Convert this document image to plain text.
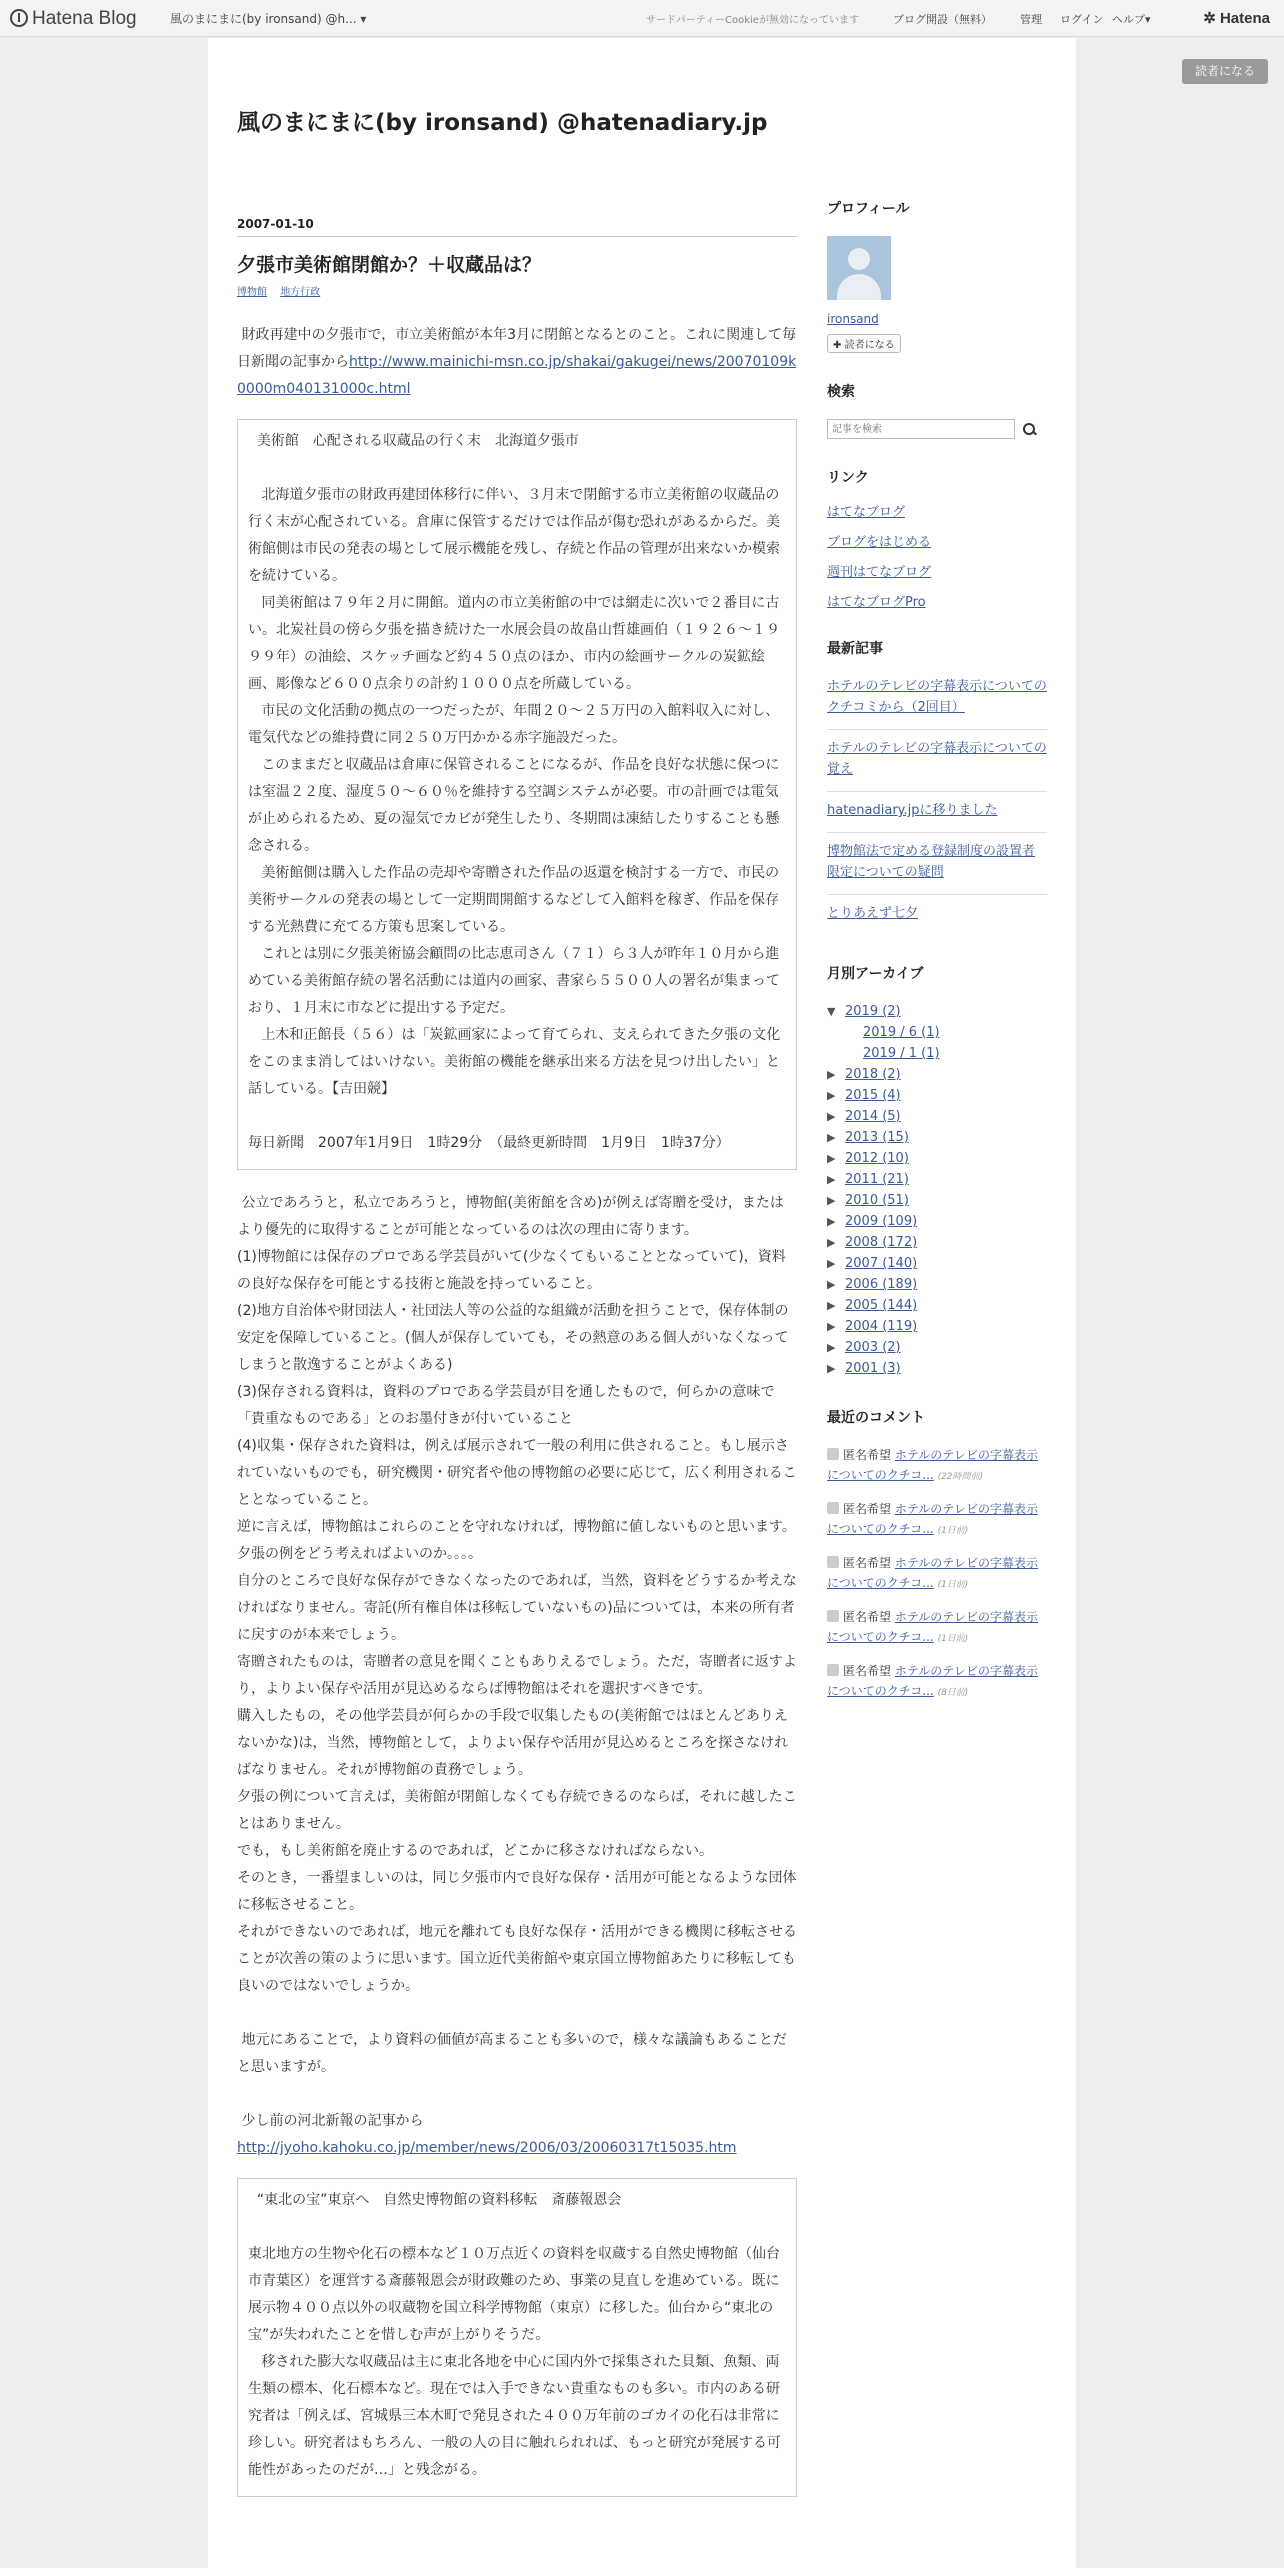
Hatena Blog	風のまにまに(by ironsand) @h... ▾	サードパーティーCookieが無効になっています	ブログ開設（無料）	管理 ログイン ヘルプ▾	✲ Hatena
読者になる
風のまにまに(by ironsand) @hatenadiary.jp
2007-01-10
夕張市美術館閉館か？＋収蔵品は？
博物館 地方行政

財政再建中の夕張市で，市立美術館が本年3月に閉館となるとのこと。これに関連して毎日新聞の記事からhttp://www.mainichi-msn.co.jp/shakai/gakugei/news/20070109k0000m040131000c.html

美術館　心配される収蔵品の行く末　北海道夕張市

北海道夕張市の財政再建団体移行に伴い、３月末で閉館する市立美術館の収蔵品の行く末が心配されている。倉庫に保管するだけでは作品が傷む恐れがあるからだ。美術館側は市民の発表の場として展示機能を残し、存続と作品の管理が出来ないか模索を続けている。

同美術館は７９年２月に開館。道内の市立美術館の中では網走に次いで２番目に古い。北炭社員の傍ら夕張を描き続けた一水展会員の故畠山哲雄画伯（１９２６〜１９９９年）の油絵、スケッチ画など約４５０点のほか、市内の絵画サークルの炭鉱絵画、彫像など６００点余りの計約１０００点を所蔵している。

市民の文化活動の拠点の一つだったが、年間２０〜２５万円の入館料収入に対し、電気代などの維持費に同２５０万円かかる赤字施設だった。

このままだと収蔵品は倉庫に保管されることになるが、作品を良好な状態に保つには室温２２度、湿度５０〜６０％を維持する空調システムが必要。市の計画では電気が止められるため、夏の湿気でカビが発生したり、冬期間は凍結したりすることも懸念される。

美術館側は購入した作品の売却や寄贈された作品の返還を検討する一方で、市民の美術サークルの発表の場として一定期間開館するなどして入館料を稼ぎ、作品を保存する光熱費に充てる方策も思案している。

これとは別に夕張美術協会顧問の比志恵司さん（７１）ら３人が昨年１０月から進めている美術館存続の署名活動には道内の画家、書家ら５５００人の署名が集まっており、１月末に市などに提出する予定だ。

上木和正館長（５６）は「炭鉱画家によって育てられ、支えられてきた夕張の文化をこのまま消してはいけない。美術館の機能を継承出来る方法を見つけ出したい」と話している。【吉田競】

毎日新聞　2007年1月9日　1時29分　（最終更新時間　1月9日　1時37分）

公立であろうと，私立であろうと，博物館(美術館を含め)が例えば寄贈を受け，またはより優先的に取得することが可能となっているのは次の理由に寄ります。

(1)博物館には保存のプロである学芸員がいて(少なくてもいることとなっていて)，資料の良好な保存を可能とする技術と施設を持っていること。

(2)地方自治体や財団法人・社団法人等の公益的な組織が活動を担うことで，保存体制の安定を保障していること。(個人が保存していても，その熱意のある個人がいなくなってしまうと散逸することがよくある)

(3)保存される資料は，資料のプロである学芸員が目を通したもので，何らかの意味で「貴重なものである」とのお墨付きが付いていること

(4)収集・保存された資料は，例えば展示されて一般の利用に供されること。もし展示されていないものでも，研究機関・研究者や他の博物館の必要に応じて，広く利用されることとなっていること。

逆に言えば，博物館はこれらのことを守れなければ，博物館に値しないものと思います。

夕張の例をどう考えればよいのか。。。。

自分のところで良好な保存ができなくなったのであれば，当然，資料をどうするか考えなければなりません。寄託(所有権自体は移転していないもの)品については，本来の所有者に戻すのが本来でしょう。

寄贈されたものは，寄贈者の意見を聞くこともありえるでしょう。ただ，寄贈者に返すより，よりよい保存や活用が見込めるならば博物館はそれを選択すべきです。

購入したもの，その他学芸員が何らかの手段で収集したもの(美術館ではほとんどありえないかな)は，当然，博物館として，よりよい保存や活用が見込めるところを探さなければなりません。それが博物館の責務でしょう。

夕張の例について言えば，美術館が閉館しなくても存続できるのならば，それに越したことはありません。

でも，もし美術館を廃止するのであれば，どこかに移さなければならない。

そのとき，一番望ましいのは，同じ夕張市内で良好な保存・活用が可能となるような団体に移転させること。

それができないのであれば，地元を離れても良好な保存・活用ができる機関に移転させることが次善の策のように思います。国立近代美術館や東京国立博物館あたりに移転しても良いのではないでしょうか。

地元にあることで，より資料の価値が高まることも多いので，様々な議論もあることだと思いますが。

少し前の河北新報の記事から

http://jyoho.kahoku.co.jp/member/news/2006/03/20060317t15035.htm

“東北の宝”東京へ　自然史博物館の資料移転　斎藤報恩会

東北地方の生物や化石の標本など１０万点近くの資料を収蔵する自然史博物館（仙台市青葉区）を運営する斎藤報恩会が財政難のため、事業の見直しを進めている。既に展示物４００点以外の収蔵物を国立科学博物館（東京）に移した。仙台から“東北の宝”が失われたことを惜しむ声が上がりそうだ。

移された膨大な収蔵品は主に東北各地を中心に国内外で採集された貝類、魚類、両生類の標本、化石標本など。現在では入手できない貴重なものも多い。市内のある研究者は「例えば、宮城県三本木町で発見された４００万年前のゴカイの化石は非常に珍しい。研究者はもちろん、一般の人の目に触れられれば、もっと研究が発展する可能性があったのだが…」と残念がる。

プロフィール
ironsand
✚ 読者になる
検索
記事を検索
リンク
はてなブログ
ブログをはじめる
週刊はてなブログ
はてなブログPro
最新記事
ホテルのテレビの字幕表示についてのクチコミから（2回目）
ホテルのテレビの字幕表示についての覚え
hatenadiary.jpに移りました
博物館法で定める登録制度の設置者限定についての疑問
とりあえず七夕
月別アーカイブ
▼ 2019 (2)
2019 / 6 (1)
2019 / 1 (1)
▶ 2018 (2)
▶ 2015 (4)
▶ 2014 (5)
▶ 2013 (15)
▶ 2012 (10)
▶ 2011 (21)
▶ 2010 (51)
▶ 2009 (109)
▶ 2008 (172)
▶ 2007 (140)
▶ 2006 (189)
▶ 2005 (144)
▶ 2004 (119)
▶ 2003 (2)
▶ 2001 (3)
最近のコメント
匿名希望 ホテルのテレビの字幕表示についてのクチコ... (22時間前)
匿名希望 ホテルのテレビの字幕表示についてのクチコ... (1日前)
匿名希望 ホテルのテレビの字幕表示についてのクチコ... (1日前)
匿名希望 ホテルのテレビの字幕表示についてのクチコ... (1日前)
匿名希望 ホテルのテレビの字幕表示についてのクチコ... (8日前)
